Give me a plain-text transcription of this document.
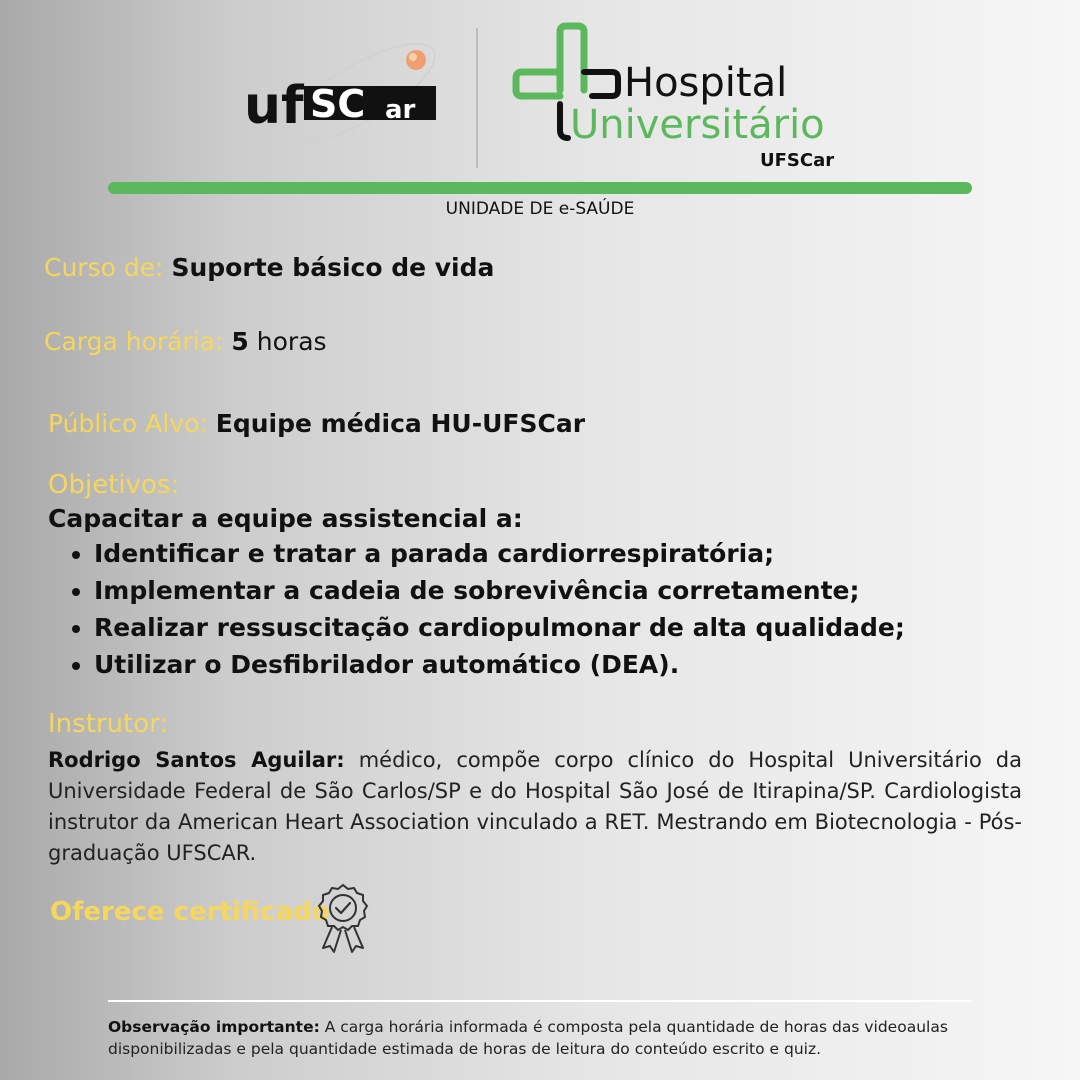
uf SC ar
Hospital
Universitário
UFSCar
UNIDADE DE e-SAÚDE
Curso de: Suporte básico de vida
Carga horária: 5 horas
Público Alvo: Equipe médica HU-UFSCar
Objetivos:
Capacitar a equipe assistencial a:
• Identificar e tratar a parada cardiorrespiratória;
• Implementar a cadeia de sobrevivência corretamente;
• Realizar ressuscitação cardiopulmonar de alta qualidade;
• Utilizar o Desfibrilador automático (DEA).
Instrutor:
Rodrigo Santos Aguilar: médico, compõe corpo clínico do Hospital Universitário da Universidade Federal de São Carlos/SP e do Hospital São José de Itirapina/SP. Cardiologista instrutor da American Heart Association vinculado a RET. Mestrando em Biotecnologia - Pós-graduação UFSCAR.
Oferece certificado
Observação importante: A carga horária informada é composta pela quantidade de horas das videoaulas disponibilizadas e pela quantidade estimada de horas de leitura do conteúdo escrito e quiz.
